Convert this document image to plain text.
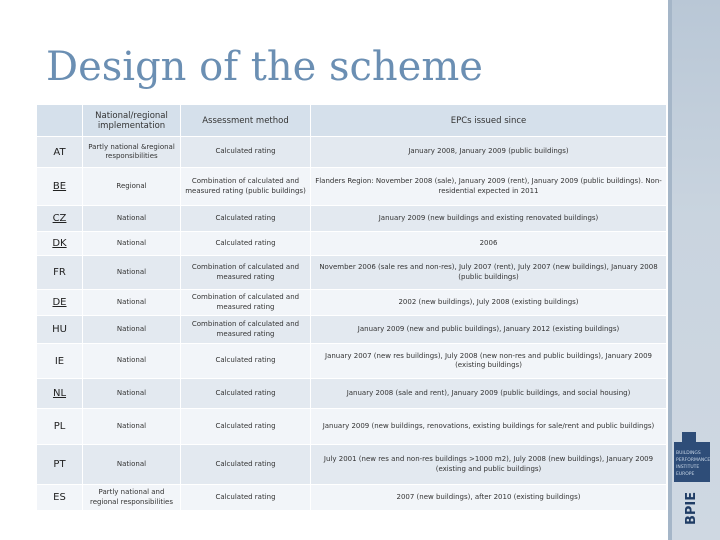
BUILDINGS
PERFORMANCE
INSTITUTE
EUROPE
BPIE
Design of the scheme
	National/regional implementation	Assessment method	EPCs issued since
AT	Partly national &regional responsibilities	Calculated rating	January 2008, January 2009 (public buildings)
BE	Regional	Combination of calculated and measured rating (public buildings)	Flanders Region: November 2008 (sale), January 2009 (rent), January 2009 (public buildings). Non-residential expected in 2011
CZ	National	Calculated rating	January 2009 (new buildings and existing renovated buildings)
DK	National	Calculated rating	2006
FR	National	Combination of calculated and measured rating	November 2006 (sale res and non-res), July 2007 (rent), July 2007 (new buildings), January 2008 (public buildings)
DE	National	Combination of calculated and measured rating	2002 (new buildings), July 2008 (existing buildings)
HU	National	Combination of calculated and measured rating	January 2009 (new and public buildings), January 2012 (existing buildings)
IE	National	Calculated rating	January 2007 (new res buildings), July 2008 (new non-res and public buildings), January 2009 (existing buildings)
NL	National	Calculated rating	January 2008 (sale and rent), January 2009 (public buildings, and social housing)
PL	National	Calculated rating	January 2009 (new buildings, renovations, existing buildings for sale/rent and public buildings)
PT	National	Calculated rating	July 2001 (new res and non-res buildings >1000 m2), July 2008 (new buildings), January 2009 (existing and public buildings)
ES	Partly national and regional responsibilities	Calculated rating	2007 (new buildings), after 2010 (existing buildings)
